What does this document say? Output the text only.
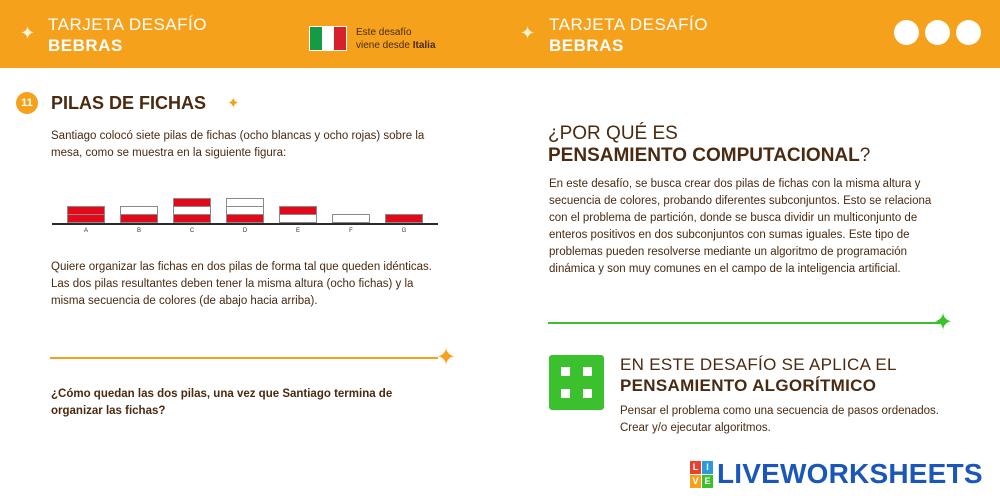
✦ TARJETA DESAFÍO
BEBRAS
Este desafío
viene desde Italia
✦ TARJETA DESAFÍO
BEBRAS
11 PILAS DE FICHAS ✦
Santiago colocó siete pilas de fichas (ocho blancas y ocho rojas) sobre la mesa, como se muestra en la siguiente figura:
A	B	C	D	E	F	G
Quiere organizar las fichas en dos pilas de forma tal que queden idénticas. Las dos pilas resultantes deben tener la misma altura (ocho fichas) y la misma secuencia de colores (de abajo hacia arriba).
✦
¿Cómo quedan las dos pilas, una vez que Santiago termina de organizar las fichas?
¿POR QUÉ ES
PENSAMIENTO COMPUTACIONAL?
En este desafío, se busca crear dos pilas de fichas con la misma altura y secuencia de colores, probando diferentes subconjuntos. Esto se relaciona con el problema de partición, donde se busca dividir un multiconjunto de enteros positivos en dos subconjuntos con sumas iguales. Este tipo de problemas pueden resolverse mediante un algoritmo de programación dinámica y son muy comunes en el campo de la inteligencia artificial.
✦
EN ESTE DESAFÍO SE APLICA EL
PENSAMIENTO ALGORÍTMICO
Pensar el problema como una secuencia de pasos ordenados. Crear y/o ejecutar algoritmos.
L I
V E LIVEWORKSHEETS
